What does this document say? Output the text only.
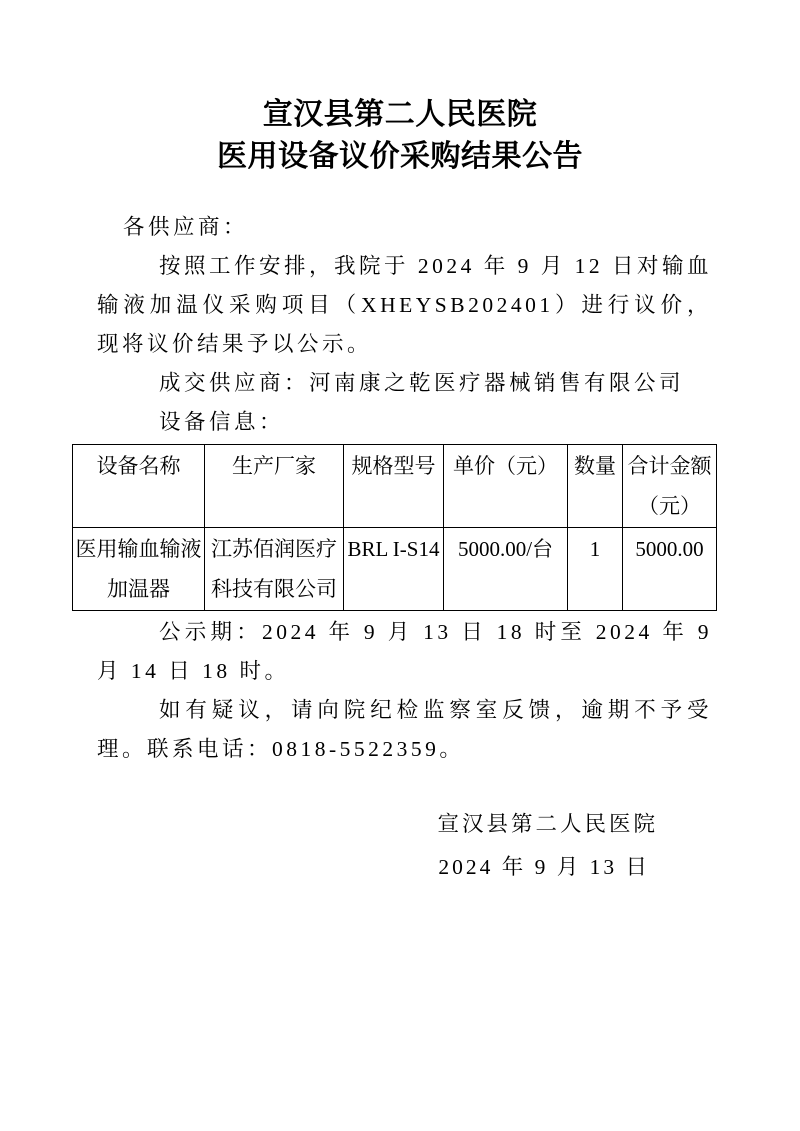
宣汉县第二人民医院
医用设备议价采购结果公告

各供应商：

按照工作安排，我院于 2024 年 9 月 12 日对输血输液加温仪采购项目（XHEYSB202401）进行议价，现将议价结果予以公示。

成交供应商：河南康之乾医疗器械销售有限公司

设备信息：

设备名称	生产厂家	规格型号	单价（元）	数量	合计金额（元）
医用输血输液加温器	江苏佰润医疗科技有限公司	BRL I-S14	5000.00/台	1	5000.00

公示期：2024 年 9 月 13 日 18 时至 2024 年 9 月 14 日 18 时。

如有疑议，请向院纪检监察室反馈，逾期不予受理。联系电话：0818-5522359。

宣汉县第二人民医院
2024 年 9 月 13 日
